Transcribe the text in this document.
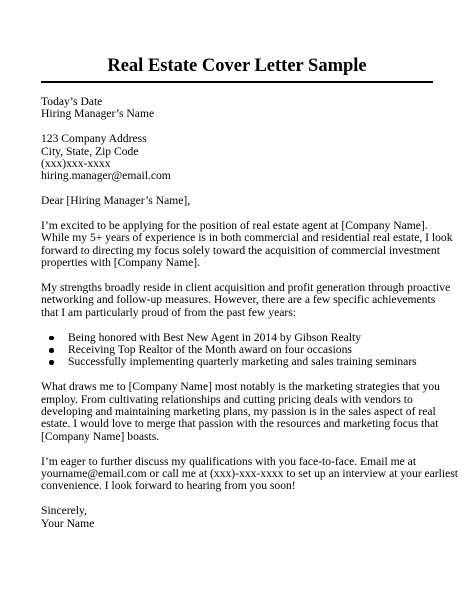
Real Estate Cover Letter Sample

Today’s Date
Hiring Manager’s Name

123 Company Address
City, State, Zip Code
(xxx)xxx-xxxx
hiring.manager@email.com

Dear [Hiring Manager’s Name],

I’m excited to be applying for the position of real estate agent at [Company Name].
While my 5+ years of experience is in both commercial and residential real estate, I look
forward to directing my focus solely toward the acquisition of commercial investment
properties with [Company Name].

My strengths broadly reside in client acquisition and profit generation through proactive
networking and follow-up measures. However, there are a few specific achievements
that I am particularly proud of from the past few years:

Being honored with Best New Agent in 2014 by Gibson Realty
Receiving Top Realtor of the Month award on four occasions
Successfully implementing quarterly marketing and sales training seminars

What draws me to [Company Name] most notably is the marketing strategies that you
employ. From cultivating relationships and cutting pricing deals with vendors to
developing and maintaining marketing plans, my passion is in the sales aspect of real
estate. I would love to merge that passion with the resources and marketing focus that
[Company Name] boasts.

I’m eager to further discuss my qualifications with you face-to-face. Email me at
yourname@email.com or call me at (xxx)-xxx-xxxx to set up an interview at your earliest
convenience. I look forward to hearing from you soon!

Sincerely,
Your Name
